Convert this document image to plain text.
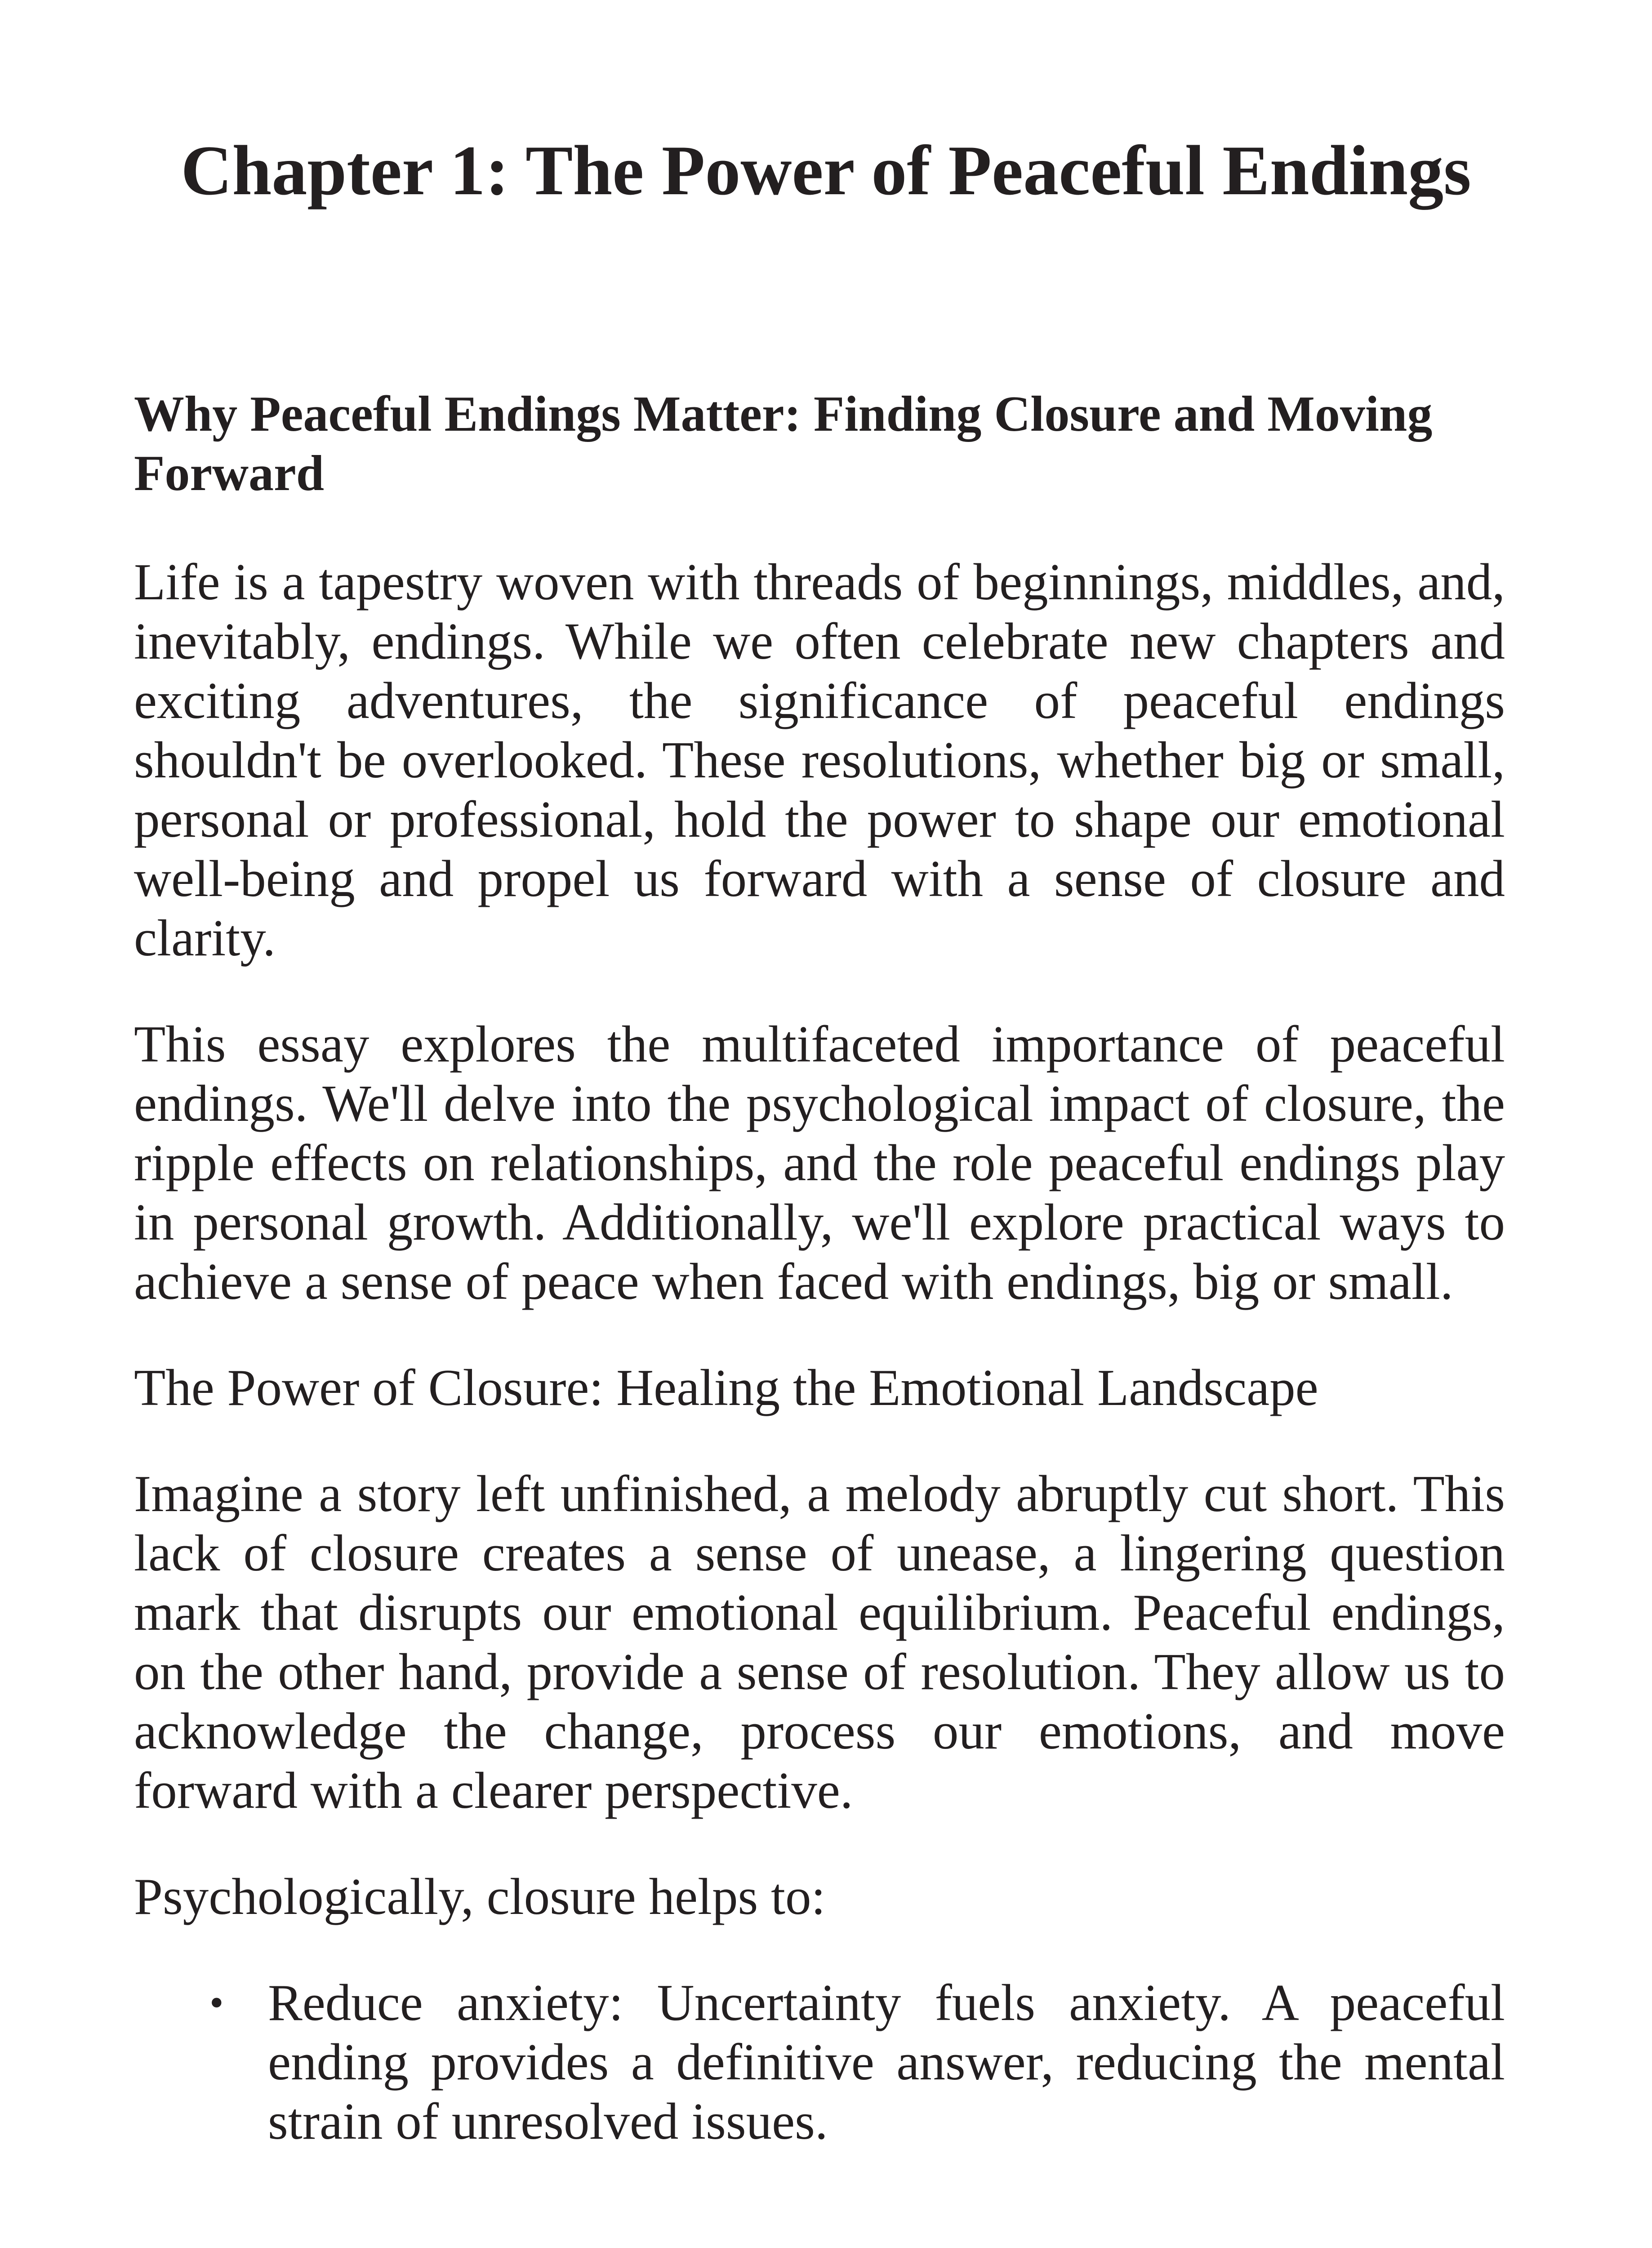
Chapter 1: The Power of Peaceful Endings
Why Peaceful Endings Matter: Finding Closure and Moving Forward

Life is a tapestry woven with threads of beginnings, middles, and, inevitably, endings. While we often celebrate new chapters and exciting adventures, the significance of peaceful endings shouldn't be overlooked. These resolutions, whether big or small, personal or professional, hold the power to shape our emotional well-being and propel us forward with a sense of closure and clarity.

This essay explores the multifaceted importance of peaceful endings. We'll delve into the psychological impact of closure, the ripple effects on relationships, and the role peaceful endings play in personal growth. Additionally, we'll explore practical ways to achieve a sense of peace when faced with endings, big or small.

The Power of Closure: Healing the Emotional Landscape

Imagine a story left unfinished, a melody abruptly cut short. This lack of closure creates a sense of unease, a lingering question mark that disrupts our emotional equilibrium. Peaceful endings, on the other hand, provide a sense of resolution. They allow us to acknowledge the change, process our emotions, and move forward with a clearer perspective.

Psychologically, closure helps to:

• Reduce anxiety: Uncertainty fuels anxiety. A peaceful ending provides a definitive answer, reducing the mental strain of unresolved issues.
